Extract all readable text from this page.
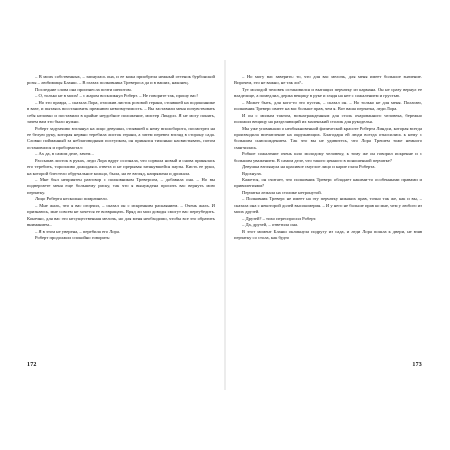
– В моих собственных, – запнулась она, и ее кожа приобрела нежный оттенок бурбонской розы – любимицы Бланш. – В глазах полковника Тревероса да и в ваших, наконец.

Последние слова она произнесла почти шепотом.

– О, только не в моих! – с жаром воскликнул Роберт. – Не говорите так, прошу вас!

– Но это правда, – сказала Лора, отложив листок розовой герани, стоявшей на подоконнике в вазе, и пытаясь восстановить прежнюю невозмутимость. – Вы заставили меня почувствовать себя неловко и поставили в крайне неудобное положение, мистер Линдси. Я не могу понять, зачем вам это было нужно.

Роберт задумчиво взглянул на лицо девушки, стоявшей к нему вполоборота, посмотрел на ее белую руку, которая нервно теребила листок герани, а затем перевел взгляд в сторону сада. Словно пойманный за неблаговидным поступком, он принялся тихонько насвистывать, потом остановился и пробормотал:

– Ах да, в самом деле, зачем...

Рассыпав листок в руках, леди Лора вдруг осознала, что сорвала новый и снова принялась его теребить, торопливо дожидаясь ответа и не прерывая затянувшейся паузы. Кисть ее руки, на которой блестело обручальное кольцо, была, на ее взгляд, напряжена и дрожала.

– Мне был неприятен разговор с полковником Треверсом, – добавила она. – Но вы подвергаете меня еще большему риску, так что я вынуждена просить вас вернуть мою перчатку.

Лицо Роберта несколько помрачнело.

– Мне жаль, что я вас огорчил, – сказал он с искренним раскаянием. – Очень жаль. И признаюсь, мне совсем не хочется ее возвращать. Вряд ли мои доводы смогут вас переубедить. Конечно, для вас это несущественная мелочь, но для меня необходимо, чтобы все это обратить вниманием...

– Я в этом не уверена, – перебила его Лора.

Роберт продолжил спокойно говорить:

172

– Но могу вас заверить: то, что для вас мелочь, для меня имеет большое значение. Впрочем, это не важно, не так ли?..

Тут молодой человек остановился и вытащил перчатку из кармана. Он не сразу вернул ее владелице, а помедлил, держа вещицу в руке и глядя на нее с сожалением и грустью.

– Может быть, для кого-то это пустяк, – сказал он. – Но только не для меня. Полагаю, полковник Треверс имеет на вас больше прав, чем я. Вот ваша перчатка, леди Лора.

И он с милым тактом, вознагражденным для столь очарованного человека, бережно положил вещицу на разделяющий их маленький столик для рукоделья.

Мы уже упоминали о необыкновенной физической красоте Роберта Линдси, которая всегда производила впечатление на окружающих. Благодаря ей люди всегда относились к нему с большим снисхождением. Так что вы не удивитесь, что Лора Трешем тоже немного смягчилась.

Робкое сожаление очень шло молодому человеку, к тому же он говорил искренне и с большим уважением. В самом деле, что такого ценного в поношенной перчатке?

Девушка взглянула на красивое смуглое лицо и карие глаза Роберта.

Вдохнула.

Кажется, он считает, что полковник Треверс обладает какими-то особенными правами и привилегиями?

Перчатка лежала на столике нетронутой.

– Полковник Треверс не имеет на эту перчатку никаких прав, точно так же, как и вы, – сказала она с некоторой долей высокомерия. – И у него не больше прав ко мне, чем у любого из моих друзей.

– Друзей? – тихо переспросил Роберт.

– Да, друзей, – ответила она.

В этот момент Бланш окликнула подругу из сада, и леди Лора пошла к двери, не взяв перчатку со стола, как будто

173
